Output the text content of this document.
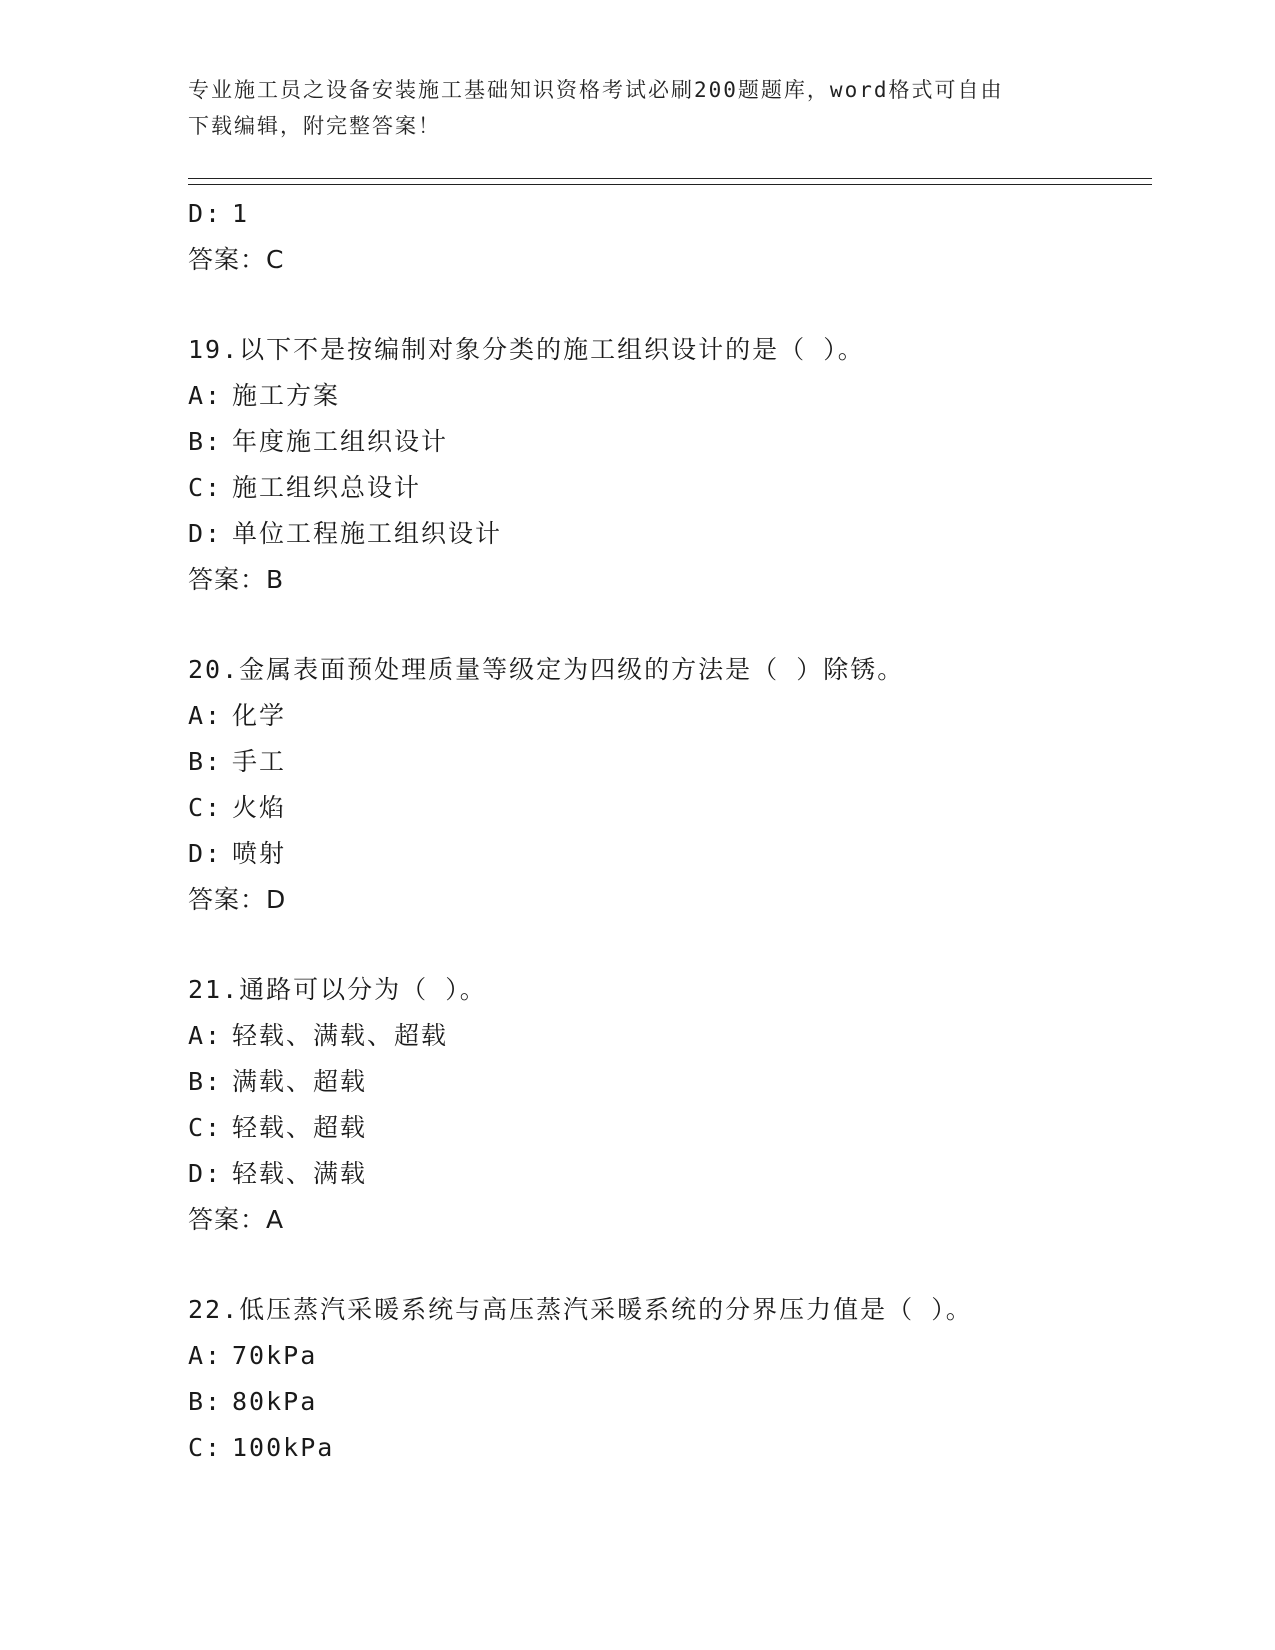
专业施工员之设备安装施工基础知识资格考试必刷200题题库，word格式可自由
下载编辑，附完整答案！
D: 1
答案：C
19.以下不是按编制对象分类的施工组织设计的是（ ）。
A: 施工方案
B: 年度施工组织设计
C: 施工组织总设计
D: 单位工程施工组织设计
答案：B
20.金属表面预处理质量等级定为四级的方法是（ ）除锈。
A: 化学
B: 手工
C: 火焰
D: 喷射
答案：D
21.通路可以分为（ ）。
A: 轻载、满载、超载
B: 满载、超载
C: 轻载、超载
D: 轻载、满载
答案：A
22.低压蒸汽采暖系统与高压蒸汽采暖系统的分界压力值是（ ）。
A: 70kPa
B: 80kPa
C: 100kPa
